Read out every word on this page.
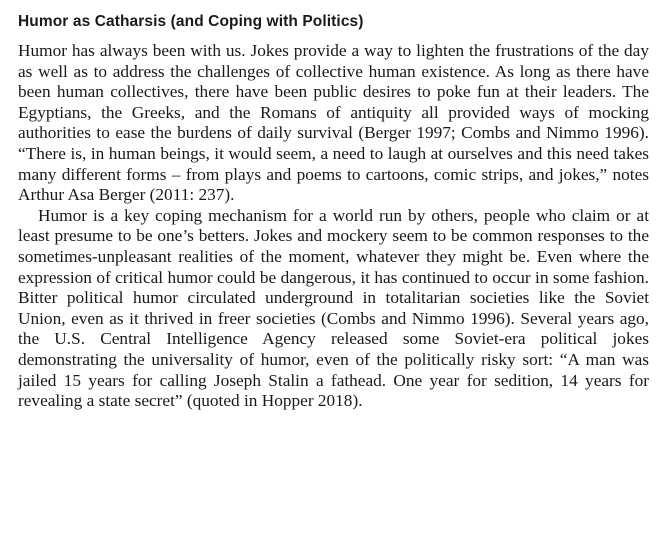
Humor as Catharsis (and Coping with Politics)

Humor has always been with us. Jokes provide a way to lighten the frustrations of the day as well as to address the challenges of collective human existence. As long as there have been human collectives, there have been public desires to poke fun at their leaders. The Egyptians, the Greeks, and the Romans of antiquity all provided ways of mocking authorities to ease the burdens of daily survival (Berger 1997; Combs and Nimmo 1996). “There is, in human beings, it would seem, a need to laugh at ourselves and this need takes many different forms – from plays and poems to cartoons, comic strips, and jokes,” notes Arthur Asa Berger (2011: 237).

Humor is a key coping mechanism for a world run by others, people who claim or at least presume to be one’s betters. Jokes and mockery seem to be common responses to the sometimes-unpleasant realities of the moment, whatever they might be. Even where the expression of critical humor could be dangerous, it has continued to occur in some fashion. Bitter political humor circulated underground in totalitarian societies like the Soviet Union, even as it thrived in freer societies (Combs and Nimmo 1996). Several years ago, the U.S. Central Intelligence Agency released some Soviet-era political jokes demonstrating the universality of humor, even of the politically risky sort: “A man was jailed 15 years for calling Joseph Stalin a fathead. One year for sedition, 14 years for revealing a state secret” (quoted in Hopper 2018).
